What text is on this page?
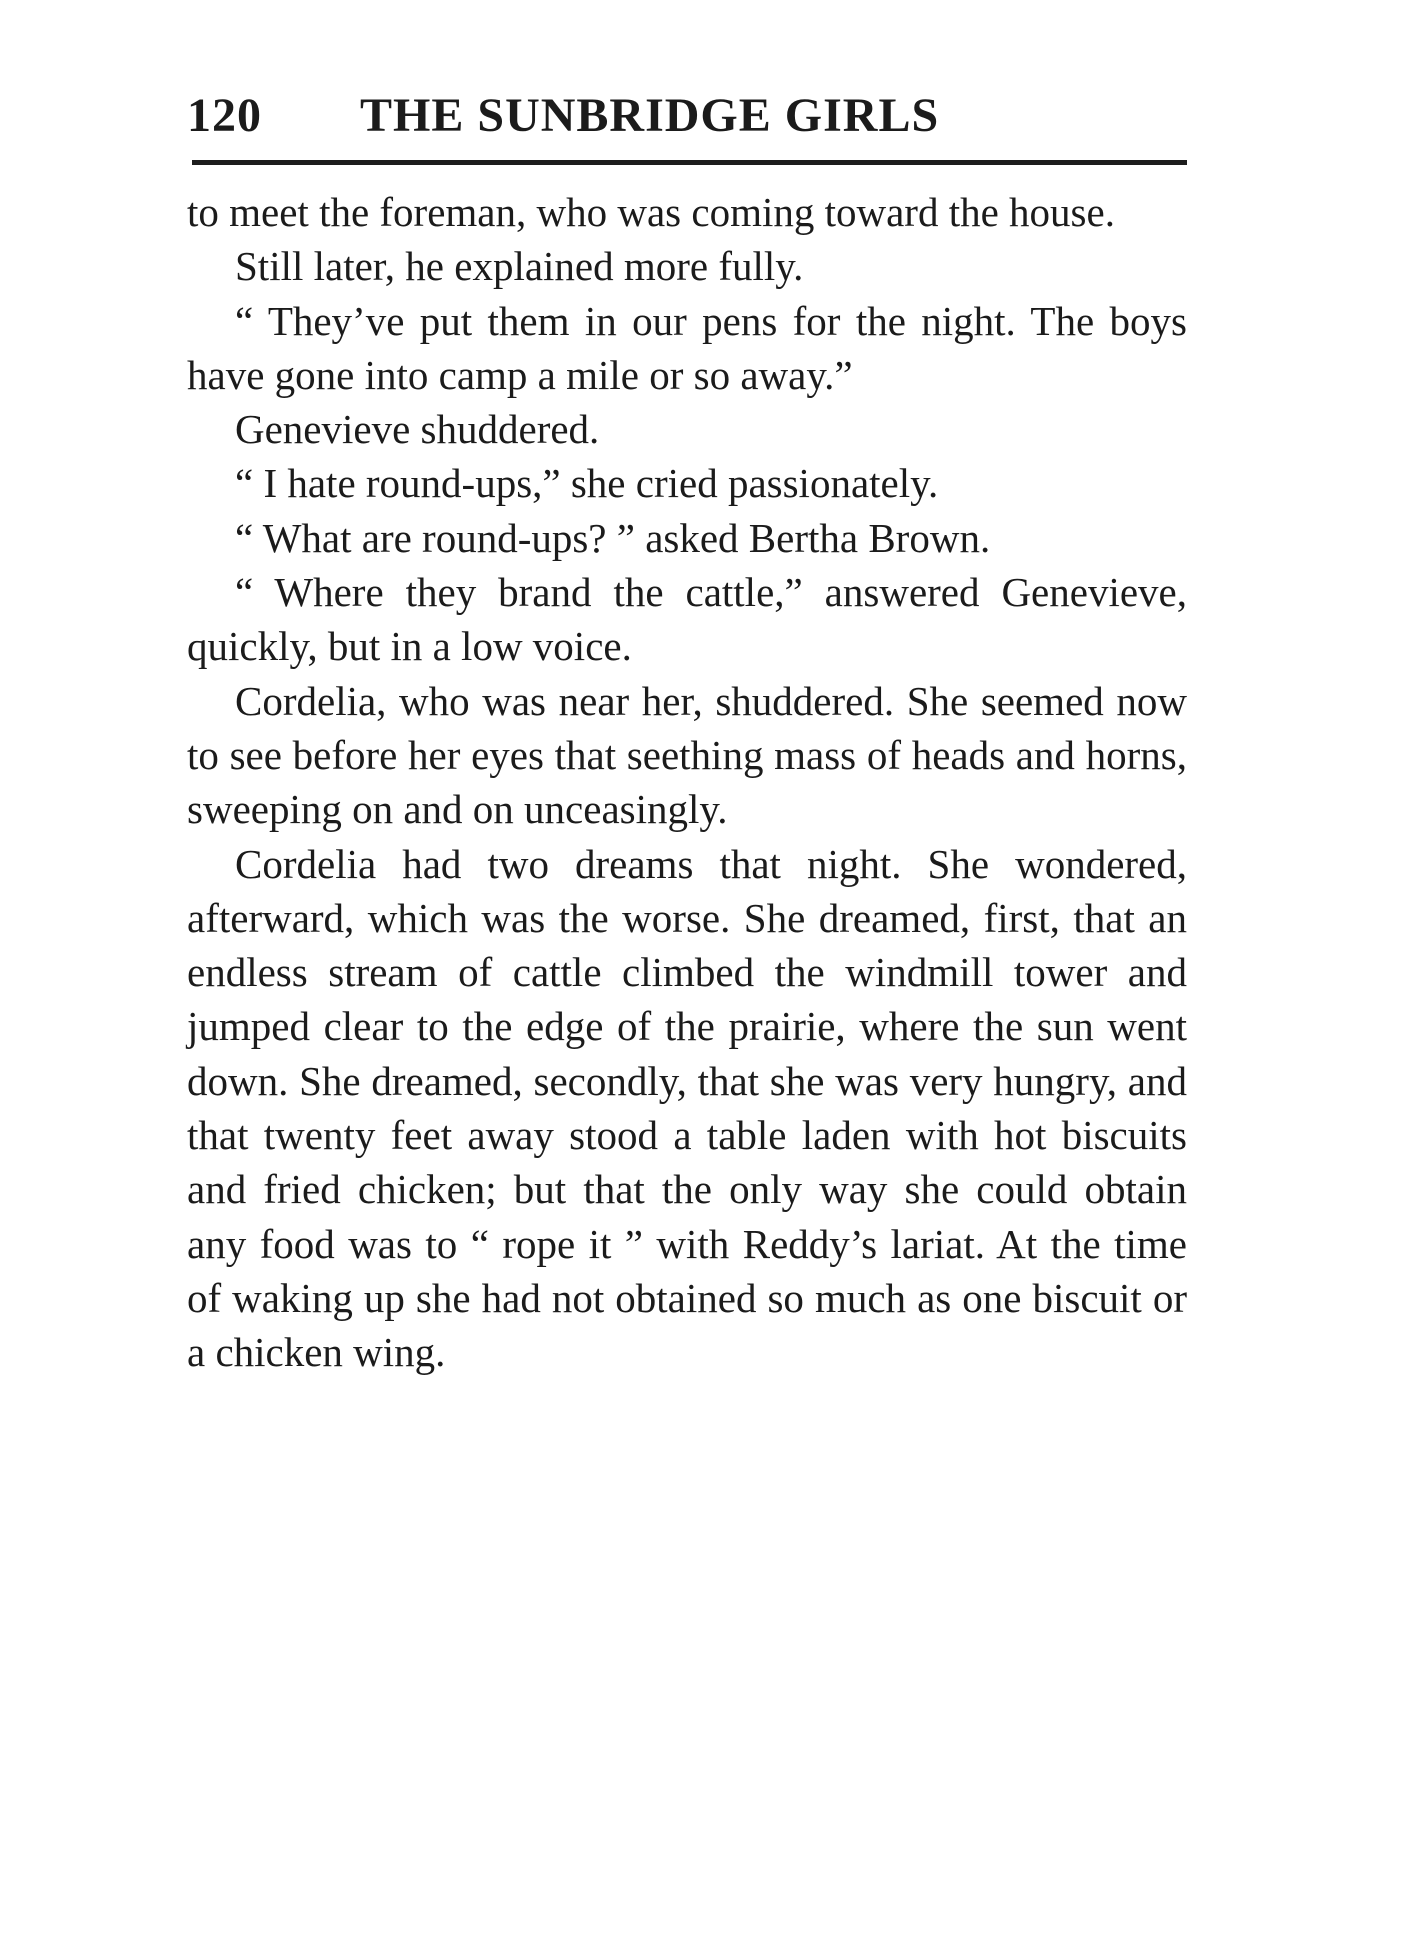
120 THE SUNBRIDGE GIRLS

to meet the foreman, who was coming toward the house.

Still later, he explained more fully.

“ They’ve put them in our pens for the night. The boys have gone into camp a mile or so away.”

Genevieve shuddered.

“ I hate round-ups,” she cried passionately.

“ What are round-ups? ” asked Bertha Brown.

“ Where they brand the cattle,” answered Genevieve, quickly, but in a low voice.

Cordelia, who was near her, shuddered. She seemed now to see before her eyes that seething mass of heads and horns, sweeping on and on unceasingly.

Cordelia had two dreams that night. She wondered, afterward, which was the worse. She dreamed, first, that an endless stream of cattle climbed the windmill tower and jumped clear to the edge of the prairie, where the sun went down. She dreamed, secondly, that she was very hungry, and that twenty feet away stood a table laden with hot biscuits and fried chicken; but that the only way she could obtain any food was to “ rope it ” with Reddy’s lariat. At the time of waking up she had not obtained so much as one biscuit or a chicken wing.
